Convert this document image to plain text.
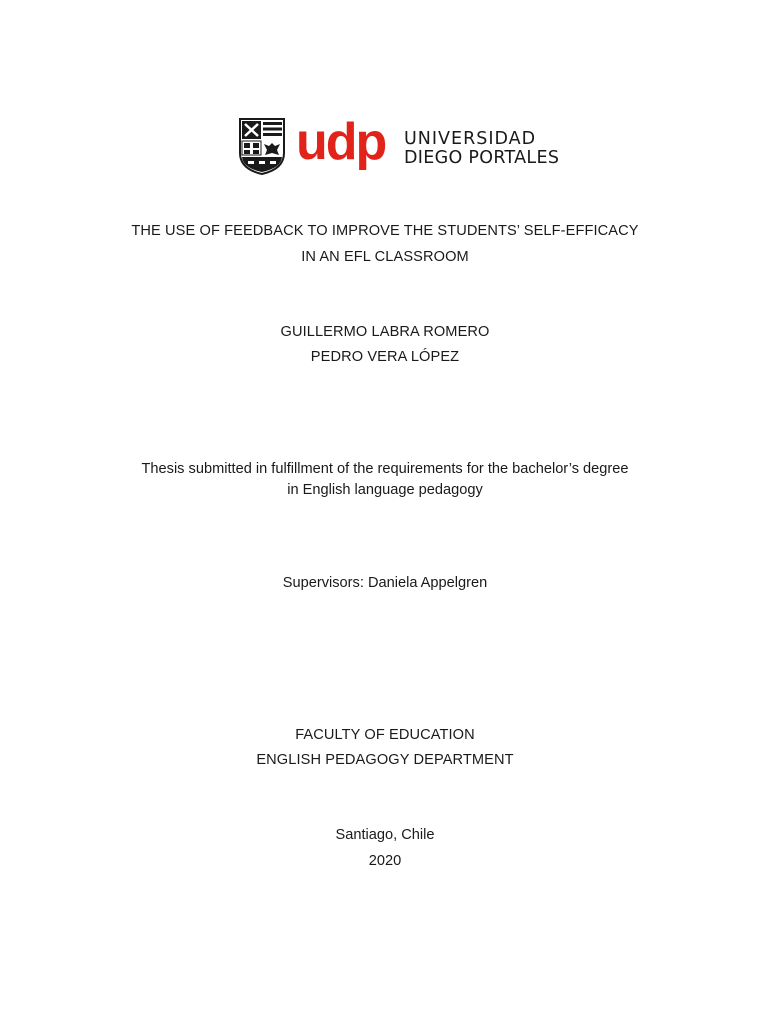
udp UNIVERSIDAD
DIEGO PORTALES
THE USE OF FEEDBACK TO IMPROVE THE STUDENTS’ SELF-EFFICACY
IN AN EFL CLASSROOM
GUILLERMO LABRA ROMERO
PEDRO VERA LÓPEZ
Thesis submitted in fulfillment of the requirements for the bachelor’s degree
in English language pedagogy
Supervisors: Daniela Appelgren
FACULTY OF EDUCATION
ENGLISH PEDAGOGY DEPARTMENT
Santiago, Chile
2020
